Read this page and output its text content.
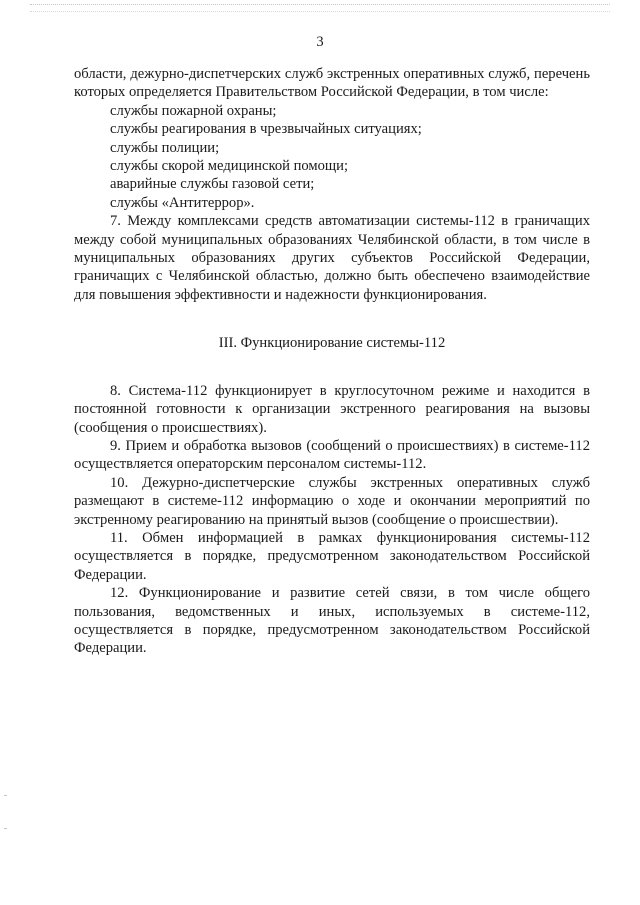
3

области, дежурно-диспетчерских служб экстренных оперативных служб, перечень которых определяется Правительством Российской Федерации, в том числе:

службы пожарной охраны;
службы реагирования в чрезвычайных ситуациях;
службы полиции;
службы скорой медицинской помощи;
аварийные службы газовой сети;
службы «Антитеррор».

7. Между комплексами средств автоматизации системы-112 в граничащих между собой муниципальных образованиях Челябинской области, в том числе в муниципальных образованиях других субъектов Российской Федерации, граничащих с Челябинской областью, должно быть обеспечено взаимодействие для повышения эффективности и надежности функционирования.

III. Функционирование системы-112

8. Система-112 функционирует в круглосуточном режиме и находится в постоянной готовности к организации экстренного реагирования на вызовы (сообщения о происшествиях).

9. Прием и обработка вызовов (сообщений о происшествиях) в системе-112 осуществляется операторским персоналом системы-112.

10. Дежурно-диспетчерские службы экстренных оперативных служб размещают в системе-112 информацию о ходе и окончании мероприятий по экстренному реагированию на принятый вызов (сообщение о происшествии).

11. Обмен информацией в рамках функционирования системы-112 осуществляется в порядке, предусмотренном законодательством Российской Федерации.

12. Функционирование и развитие сетей связи, в том числе общего пользования, ведомственных и иных, используемых в системе-112, осуществляется в порядке, предусмотренном законодательством Российской Федерации.
